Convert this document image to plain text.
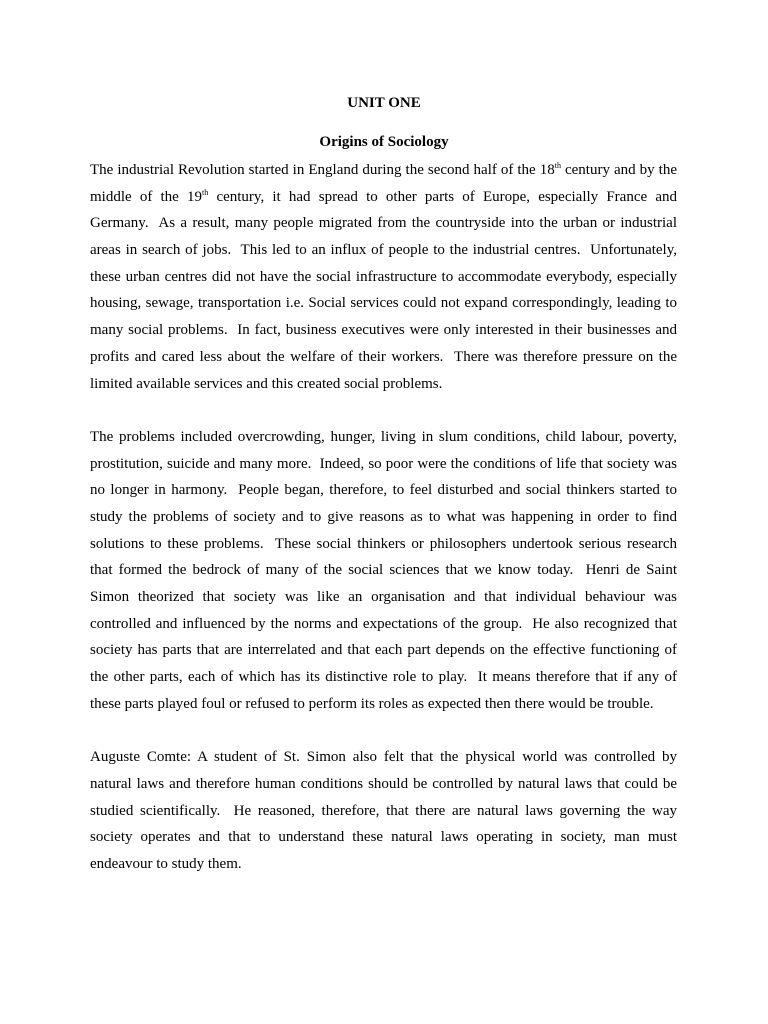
UNIT ONE
Origins of Sociology
The industrial Revolution started in England during the second half of the 18th century and by the
middle of the 19th century, it had spread to other parts of Europe, especially France and
Germany.  As a result, many people migrated from the countryside into the urban or industrial
areas in search of jobs.  This led to an influx of people to the industrial centres.  Unfortunately,
these urban centres did not have the social infrastructure to accommodate everybody, especially
housing, sewage, transportation i.e. Social services could not expand correspondingly, leading to
many social problems.  In fact, business executives were only interested in their businesses and
profits and cared less about the welfare of their workers.  There was therefore pressure on the
limited available services and this created social problems.
The problems included overcrowding, hunger, living in slum conditions, child labour, poverty,
prostitution, suicide and many more.  Indeed, so poor were the conditions of life that society was
no longer in harmony.  People began, therefore, to feel disturbed and social thinkers started to
study the problems of society and to give reasons as to what was happening in order to find
solutions to these problems.  These social thinkers or philosophers undertook serious research
that formed the bedrock of many of the social sciences that we know today.  Henri de Saint
Simon theorized that society was like an organisation and that individual behaviour was
controlled and influenced by the norms and expectations of the group.  He also recognized that
society has parts that are interrelated and that each part depends on the effective functioning of
the other parts, each of which has its distinctive role to play.  It means therefore that if any of
these parts played foul or refused to perform its roles as expected then there would be trouble.
Auguste Comte: A student of St. Simon also felt that the physical world was controlled by
natural laws and therefore human conditions should be controlled by natural laws that could be
studied scientifically.  He reasoned, therefore, that there are natural laws governing the way
society operates and that to understand these natural laws operating in society, man must
endeavour to study them.
